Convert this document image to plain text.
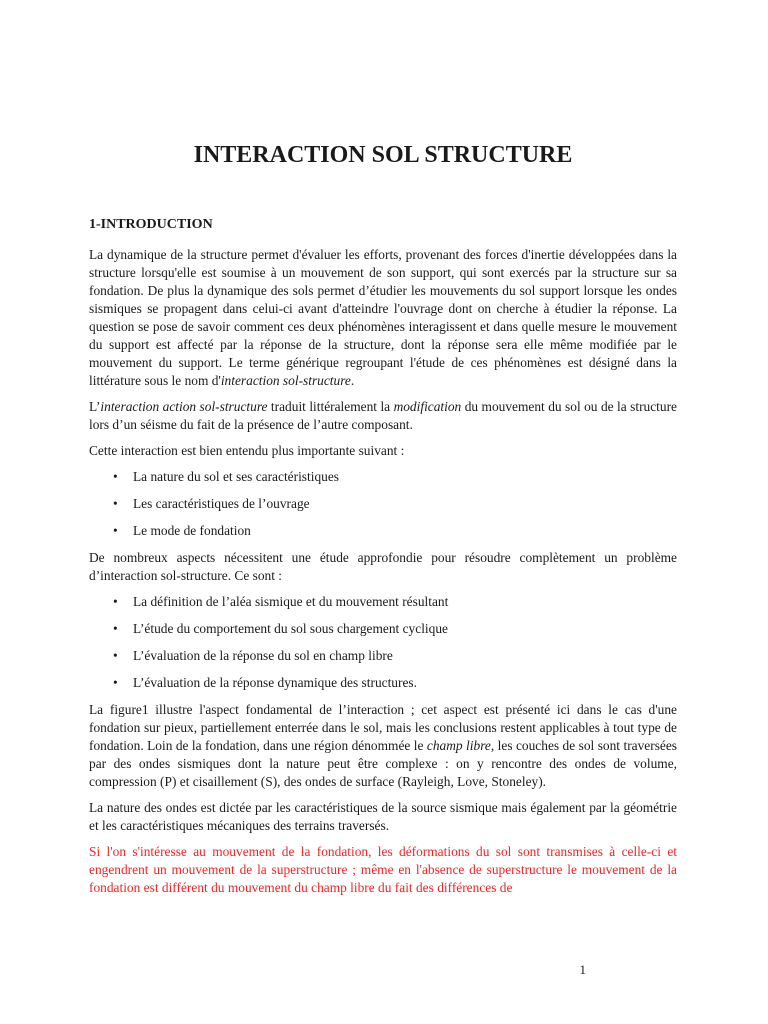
INTERACTION SOL STRUCTURE
1-INTRODUCTION

La dynamique de la structure permet d'évaluer les efforts, provenant des forces d'inertie développées dans la structure lorsqu'elle est soumise à un mouvement de son support, qui sont exercés par la structure sur sa fondation. De plus la dynamique des sols permet d’étudier les mouvements du sol support lorsque les ondes sismiques se propagent dans celui-ci avant d'atteindre l'ouvrage dont on cherche à étudier la réponse. La question se pose de savoir comment ces deux phénomènes interagissent et dans quelle mesure le mouvement du support est affecté par la réponse de la structure, dont la réponse sera elle même modifiée par le mouvement du support. Le terme générique regroupant l'étude de ces phénomènes est désigné dans la littérature sous le nom d'interaction sol-structure.

L’interaction action sol-structure traduit littéralement la modification du mouvement du sol ou de la structure lors d’un séisme du fait de la présence de l’autre composant.

Cette interaction est bien entendu plus importante suivant :

• La nature du sol et ses caractéristiques
• Les caractéristiques de l’ouvrage
• Le mode de fondation

De nombreux aspects nécessitent une étude approfondie pour résoudre complètement un problème d’interaction sol-structure. Ce sont :

• La définition de l’aléa sismique et du mouvement résultant
• L’étude du comportement du sol sous chargement cyclique
• L’évaluation de la réponse du sol en champ libre
• L’évaluation de la réponse dynamique des structures.

La figure1 illustre l'aspect fondamental de l’interaction ; cet aspect est présenté ici dans le cas d'une fondation sur pieux, partiellement enterrée dans le sol, mais les conclusions restent applicables à tout type de fondation. Loin de la fondation, dans une région dénommée le champ libre, les couches de sol sont traversées par des ondes sismiques dont la nature peut être complexe : on y rencontre des ondes de volume, compression (P) et cisaillement (S), des ondes de surface (Rayleigh, Love, Stoneley).

La nature des ondes est dictée par les caractéristiques de la source sismique mais également par la géométrie et les caractéristiques mécaniques des terrains traversés.

Si l'on s'intéresse au mouvement de la fondation, les déformations du sol sont transmises à celle-ci et engendrent un mouvement de la superstructure ; même en l'absence de superstructure le mouvement de la fondation est différent du mouvement du champ libre du fait des différences de

1
